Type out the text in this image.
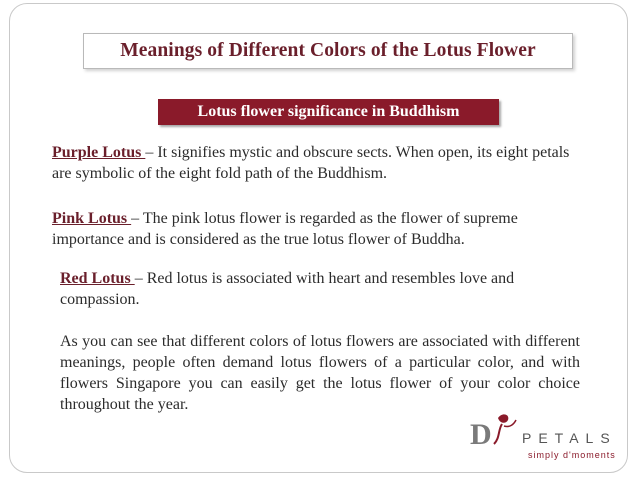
Meanings of Different Colors of the Lotus Flower
Lotus flower significance in Buddhism

Purple Lotus – It signifies mystic and obscure sects. When open, its eight petals are symbolic of the eight fold path of the Buddhism.

Pink Lotus – The pink lotus flower is regarded as the flower of supreme importance and is considered as the true lotus flower of Buddha.

Red Lotus – Red lotus is associated with heart and resembles love and compassion.

As you can see that different colors of lotus flowers are associated with different meanings, people often demand lotus flowers of a particular color, and with flowers Singapore you can easily get the lotus flower of your color choice throughout the year.

D PETALS
simply d'moments
